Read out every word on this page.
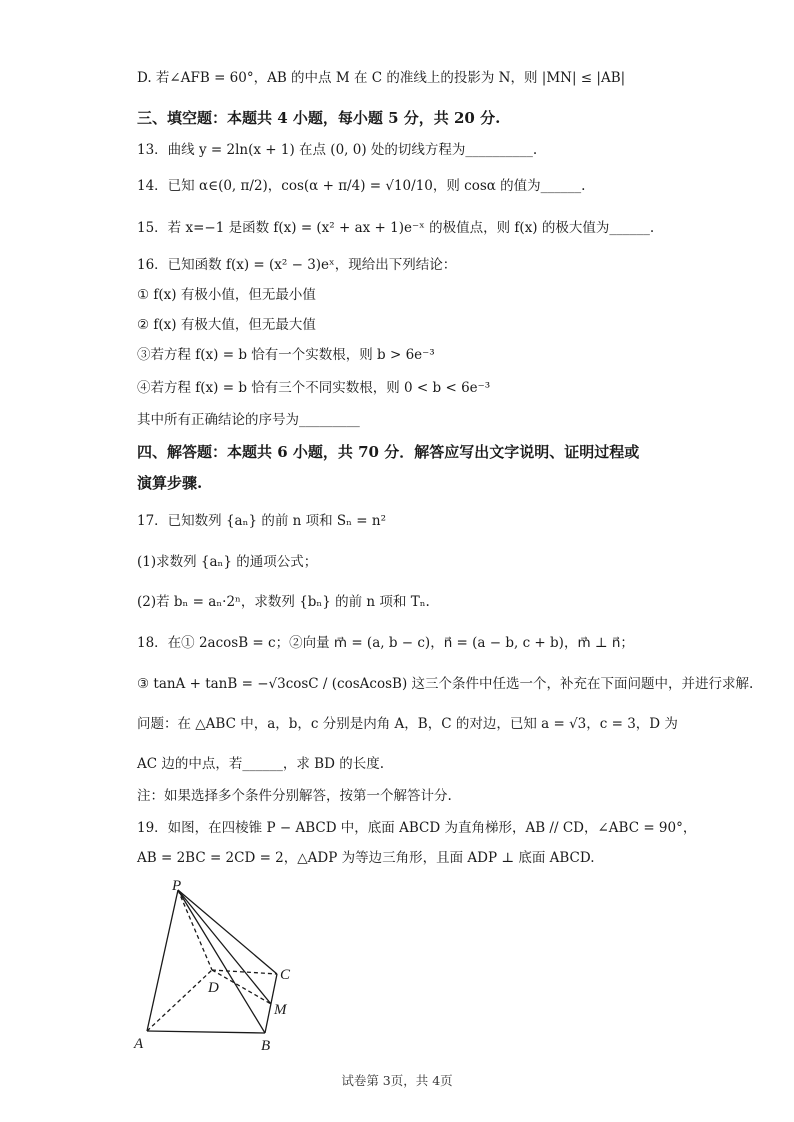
D. 若∠AFB = 60°，AB 的中点 M 在 C 的准线上的投影为 N，则 |MN| ≤ |AB|
三、填空题：本题共 4 小题，每小题 5 分，共 20 分.
13．曲线 y = 2ln(x + 1) 在点 (0, 0) 处的切线方程为__________.
14．已知 α∈(0, π/2)，cos(α + π/4) = √10/10，则 cosα 的值为______.
15．若 x=−1 是函数 f(x) = (x² + ax + 1)e⁻ˣ 的极值点，则 f(x) 的极大值为______.
16．已知函数 f(x) = (x² − 3)eˣ，现给出下列结论：
① f(x) 有极小值，但无最小值
② f(x) 有极大值，但无最大值
③若方程 f(x) = b 恰有一个实数根，则 b > 6e⁻³
④若方程 f(x) = b 恰有三个不同实数根，则 0 < b < 6e⁻³
其中所有正确结论的序号为_________
四、解答题：本题共 6 小题，共 70 分．解答应写出文字说明、证明过程或
演算步骤.
17．已知数列 {aₙ} 的前 n 项和 Sₙ = n²
(1)求数列 {aₙ} 的通项公式；
(2)若 bₙ = aₙ·2ⁿ，求数列 {bₙ} 的前 n 项和 Tₙ.
18．在① 2acosB = c；②向量 m⃗ = (a, b − c)，n⃗ = (a − b, c + b)，m⃗ ⊥ n⃗；
③ tanA + tanB = −√3cosC / (cosAcosB) 这三个条件中任选一个，补充在下面问题中，并进行求解.
问题：在 △ABC 中，a，b，c 分别是内角 A，B，C 的对边，已知 a = √3，c = 3，D 为
AC 边的中点，若______，求 BD 的长度.
注：如果选择多个条件分别解答，按第一个解答计分.
19．如图，在四棱锥 P − ABCD 中，底面 ABCD 为直角梯形，AB // CD，∠ABC = 90°，
AB = 2BC = 2CD = 2，△ADP 为等边三角形，且面 ADP ⊥ 底面 ABCD.
P
A	B
C
D
M
试卷第 3页，共 4页
